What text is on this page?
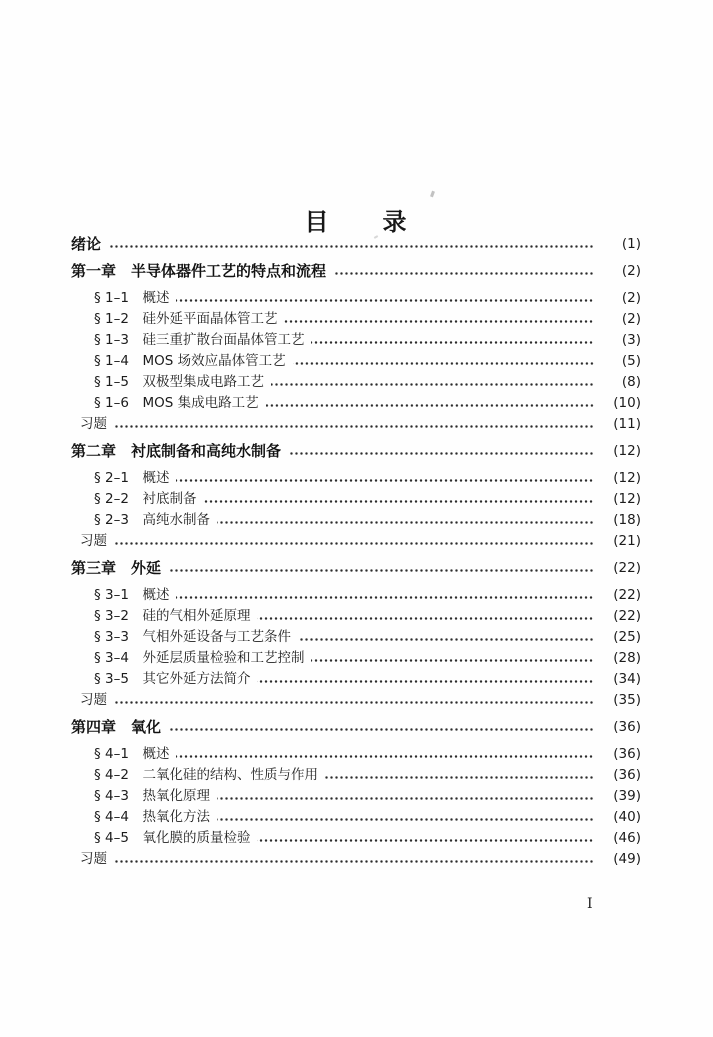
目　　录
绪论	(1)
第一章　半导体器件工艺的特点和流程	(2)
§ 1–1　概述	(2)
§ 1–2　硅外延平面晶体管工艺	(2)
§ 1–3　硅三重扩散台面晶体管工艺	(3)
§ 1–4　MOS 场效应晶体管工艺	(5)
§ 1–5　双极型集成电路工艺	(8)
§ 1–6　MOS 集成电路工艺	(10)
习题	(11)
第二章　衬底制备和高纯水制备	(12)
§ 2–1　概述	(12)
§ 2–2　衬底制备	(12)
§ 2–3　高纯水制备	(18)
习题	(21)
第三章　外延	(22)
§ 3–1　概述	(22)
§ 3–2　硅的气相外延原理	(22)
§ 3–3　气相外延设备与工艺条件	(25)
§ 3–4　外延层质量检验和工艺控制	(28)
§ 3–5　其它外延方法简介	(34)
习题	(35)
第四章　氧化	(36)
§ 4–1　概述	(36)
§ 4–2　二氧化硅的结构、性质与作用	(36)
§ 4–3　热氧化原理	(39)
§ 4–4　热氧化方法	(40)
§ 4–5　氧化膜的质量检验	(46)
习题	(49)
I
